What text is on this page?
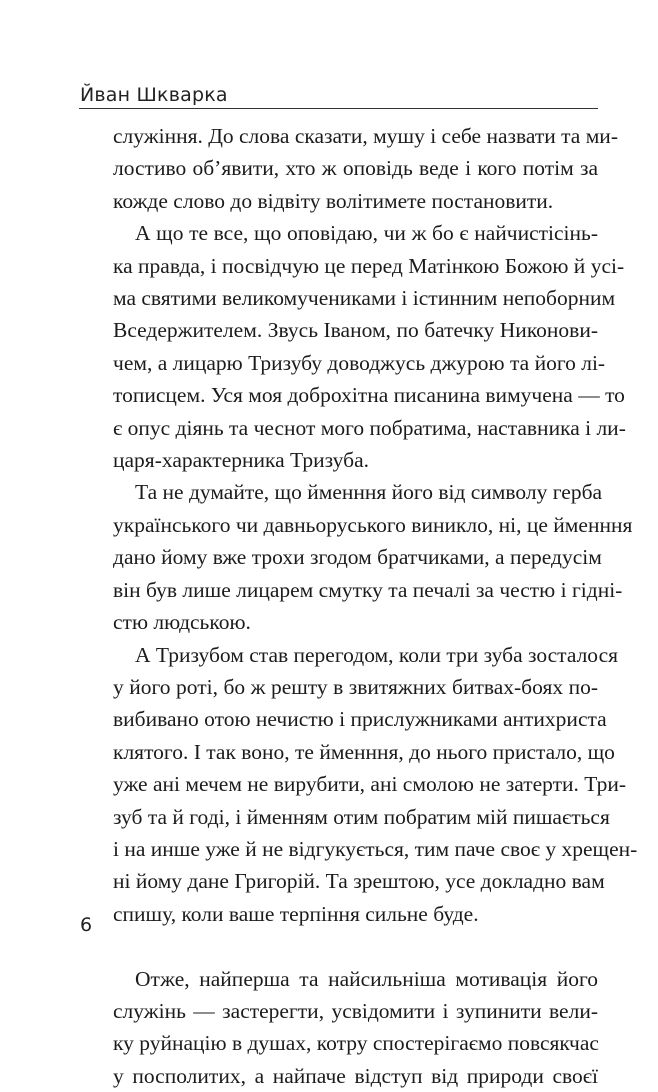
Йван Шкварка
служіння. До слова сказати, мушу і себе назвати та ми-
лостиво об’явити, хто ж оповідь веде і кого потім за
кожде слово до відвіту волітимете постановити.
А що те все, що оповідаю, чи ж бо є найчистісінь-
ка правда, і посвідчую це перед Матінкою Божою й усі-
ма святими великомучениками і істинним непоборним
Вседержителем. Звусь Іваном, по батечку Никонови-
чем, а лицарю Тризубу доводжусь джурою та його лі-
тописцем. Уся моя доброхітна писанина вимучена — то
є опус діянь та чеснот мого побратима, наставника і ли-
царя-характерника Тризуба.
Та не думайте, що йменння його від символу герба
українського чи давньоруського виникло, ні, це йменння
дано йому вже трохи згодом братчиками, а передусім
він був лише лицарем смутку та печалі за честю і гідні-
стю людською.
А Тризубом став перегодом, коли три зуба зосталося
у його роті, бо ж решту в звитяжних битвах-боях по-
вибивано отою нечистю і прислужниками антихриста
клятого. І так воно, те йменння, до нього пристало, що
уже ані мечем не вирубити, ані смолою не затерти. Три-
зуб та й годі, і йменням отим побратим мій пишається
і на инше уже й не відгукується, тим паче своє у хрещен-
ні йому дане Григорій. Та зрештою, усе докладно вам
спишу, коли ваше терпіння сильне буде.
Отже, найперша та найсильніша мотивація його
служінь — застерегти, усвідомити і зупинити вели-
ку руйнацію в душах, котру спостерігаємо повсякчас
у посполитих, а найпаче відступ від природи своєї
6
